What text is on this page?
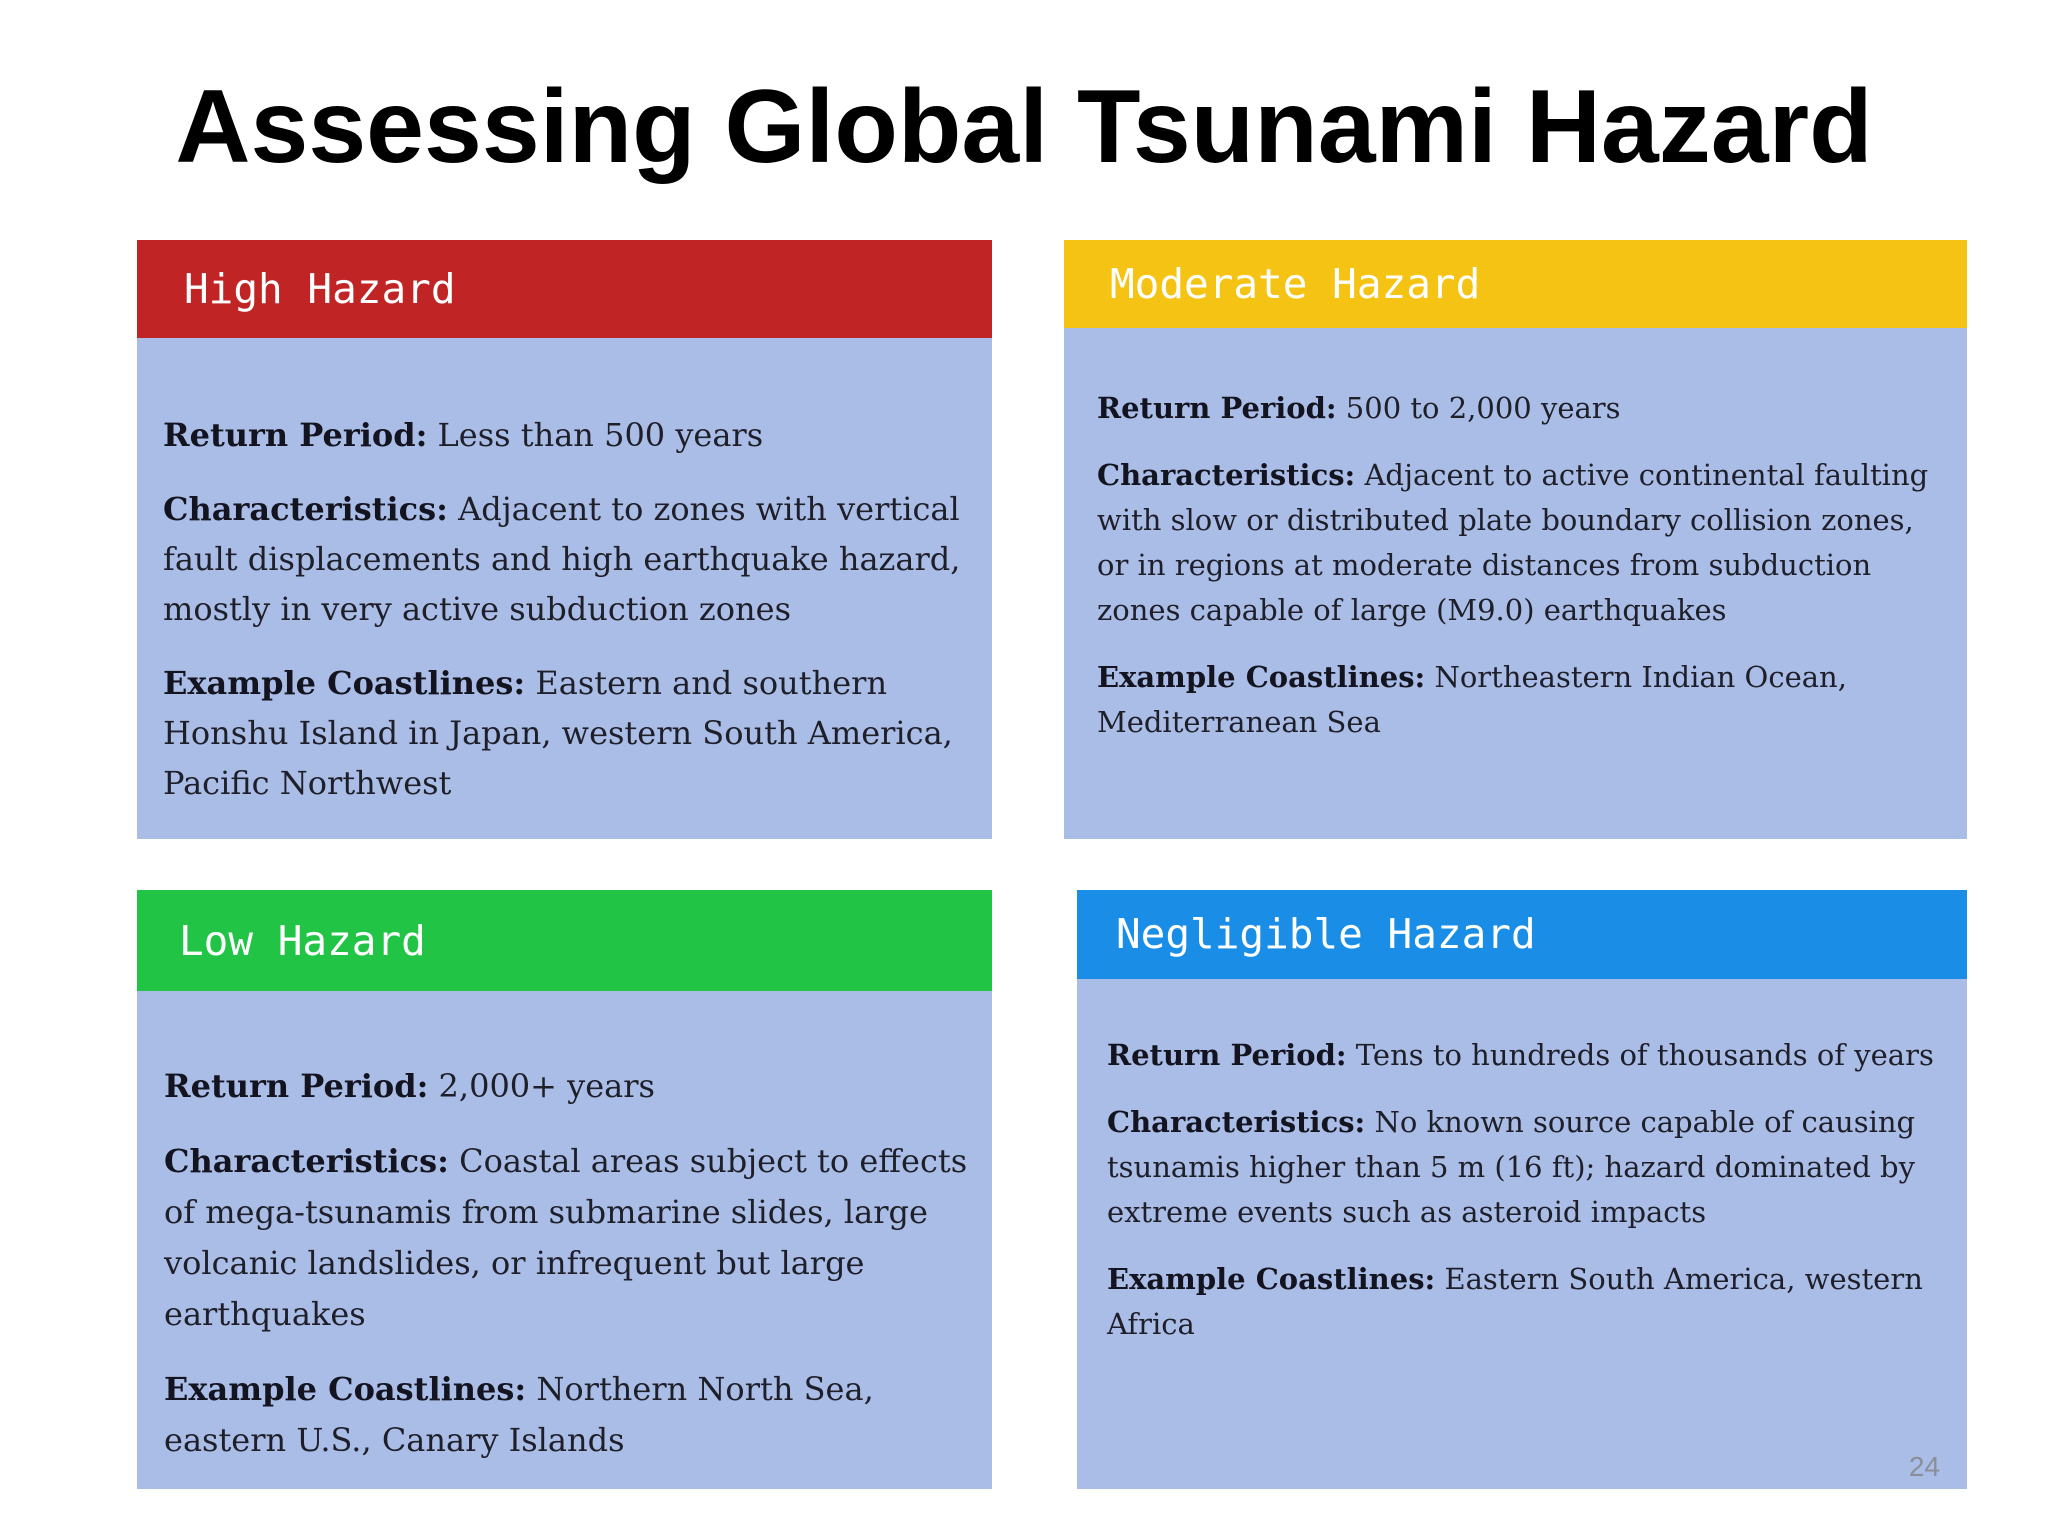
Assessing Global Tsunami Hazard
High Hazard

Return Period: Less than 500 years

Characteristics: Adjacent to zones with vertical fault displacements and high earthquake hazard, mostly in very active subduction zones

Example Coastlines: Eastern and southern Honshu Island in Japan, western South America, Pacific Northwest

Moderate Hazard

Return Period: 500 to 2,000 years

Characteristics: Adjacent to active continental faulting with slow or distributed plate boundary collision zones, or in regions at moderate distances from subduction zones capable of large (M9.0) earthquakes

Example Coastlines: Northeastern Indian Ocean, Mediterranean Sea

Low Hazard

Return Period: 2,000+ years

Characteristics: Coastal areas subject to effects of mega-tsunamis from submarine slides, large volcanic landslides, or infrequent but large earthquakes

Example Coastlines: Northern North Sea, eastern U.S., Canary Islands

Negligible Hazard

Return Period: Tens to hundreds of thousands of years

Characteristics: No known source capable of causing tsunamis higher than 5 m (16 ft); hazard dominated by extreme events such as asteroid impacts

Example Coastlines: Eastern South America, western Africa

24
